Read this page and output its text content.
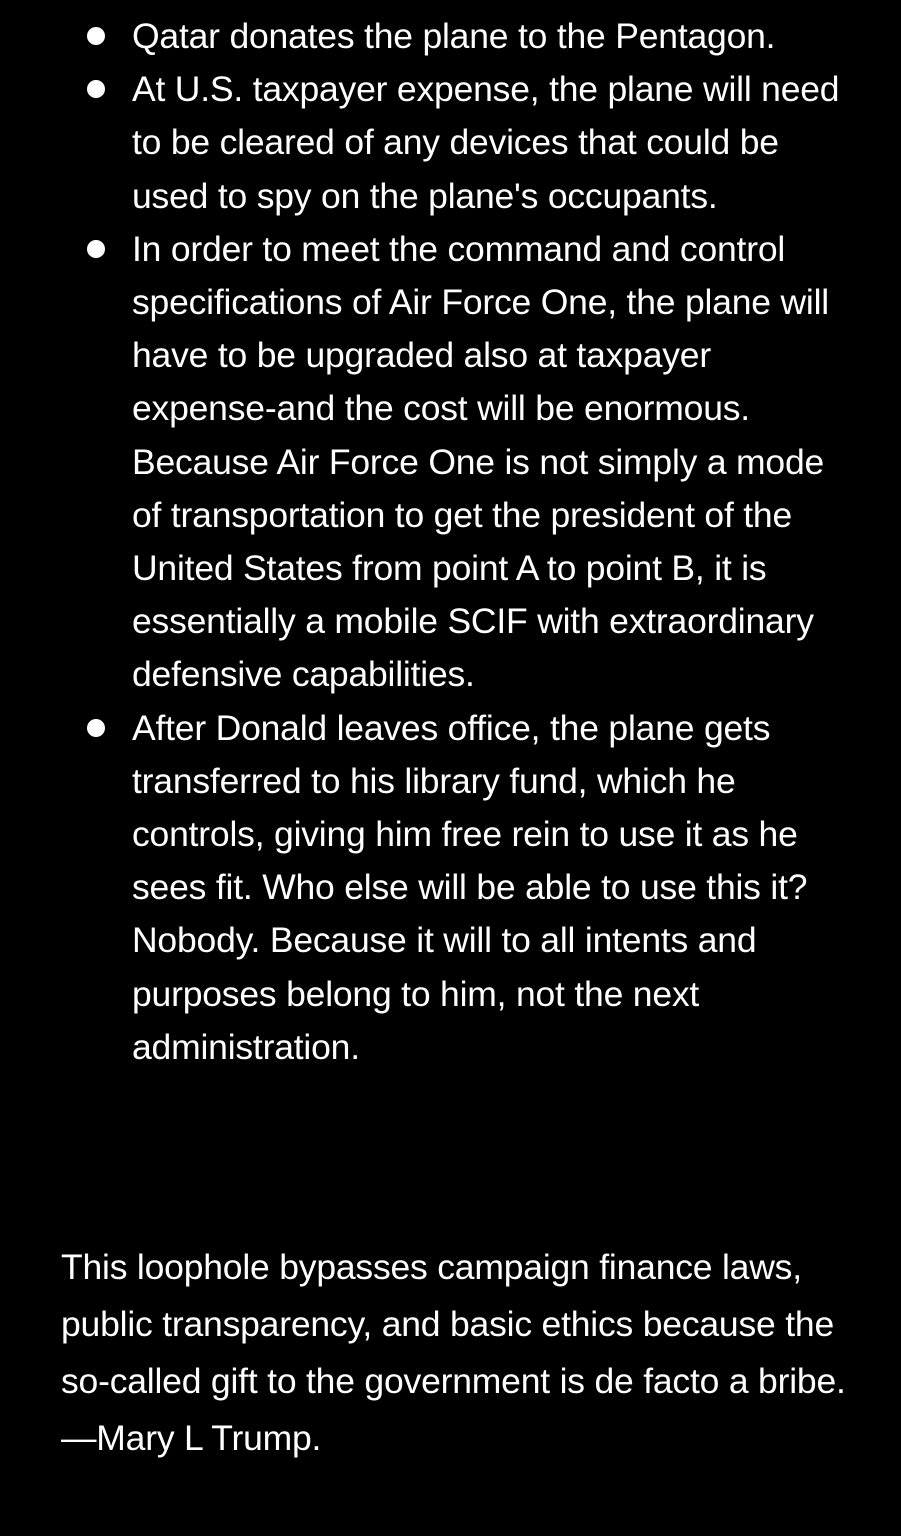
Qatar donates the plane to the Pentagon.
At U.S. taxpayer expense, the plane will need to be cleared of any devices that could be used to spy on the plane's occupants.
In order to meet the command and control specifications of Air Force One, the plane will have to be upgraded also at taxpayer expense-and the cost will be enormous. Because Air Force One is not simply a mode of transportation to get the president of the United States from point A to point B, it is essentially a mobile SCIF with extraordinary defensive capabilities.
After Donald leaves office, the plane gets transferred to his library fund, which he controls, giving him free rein to use it as he sees fit. Who else will be able to use this it? Nobody. Because it will to all intents and purposes belong to him, not the next administration.

This loophole bypasses campaign finance laws, public transparency, and basic ethics because the so-called gift to the government is de facto a bribe. —Mary L Trump.
